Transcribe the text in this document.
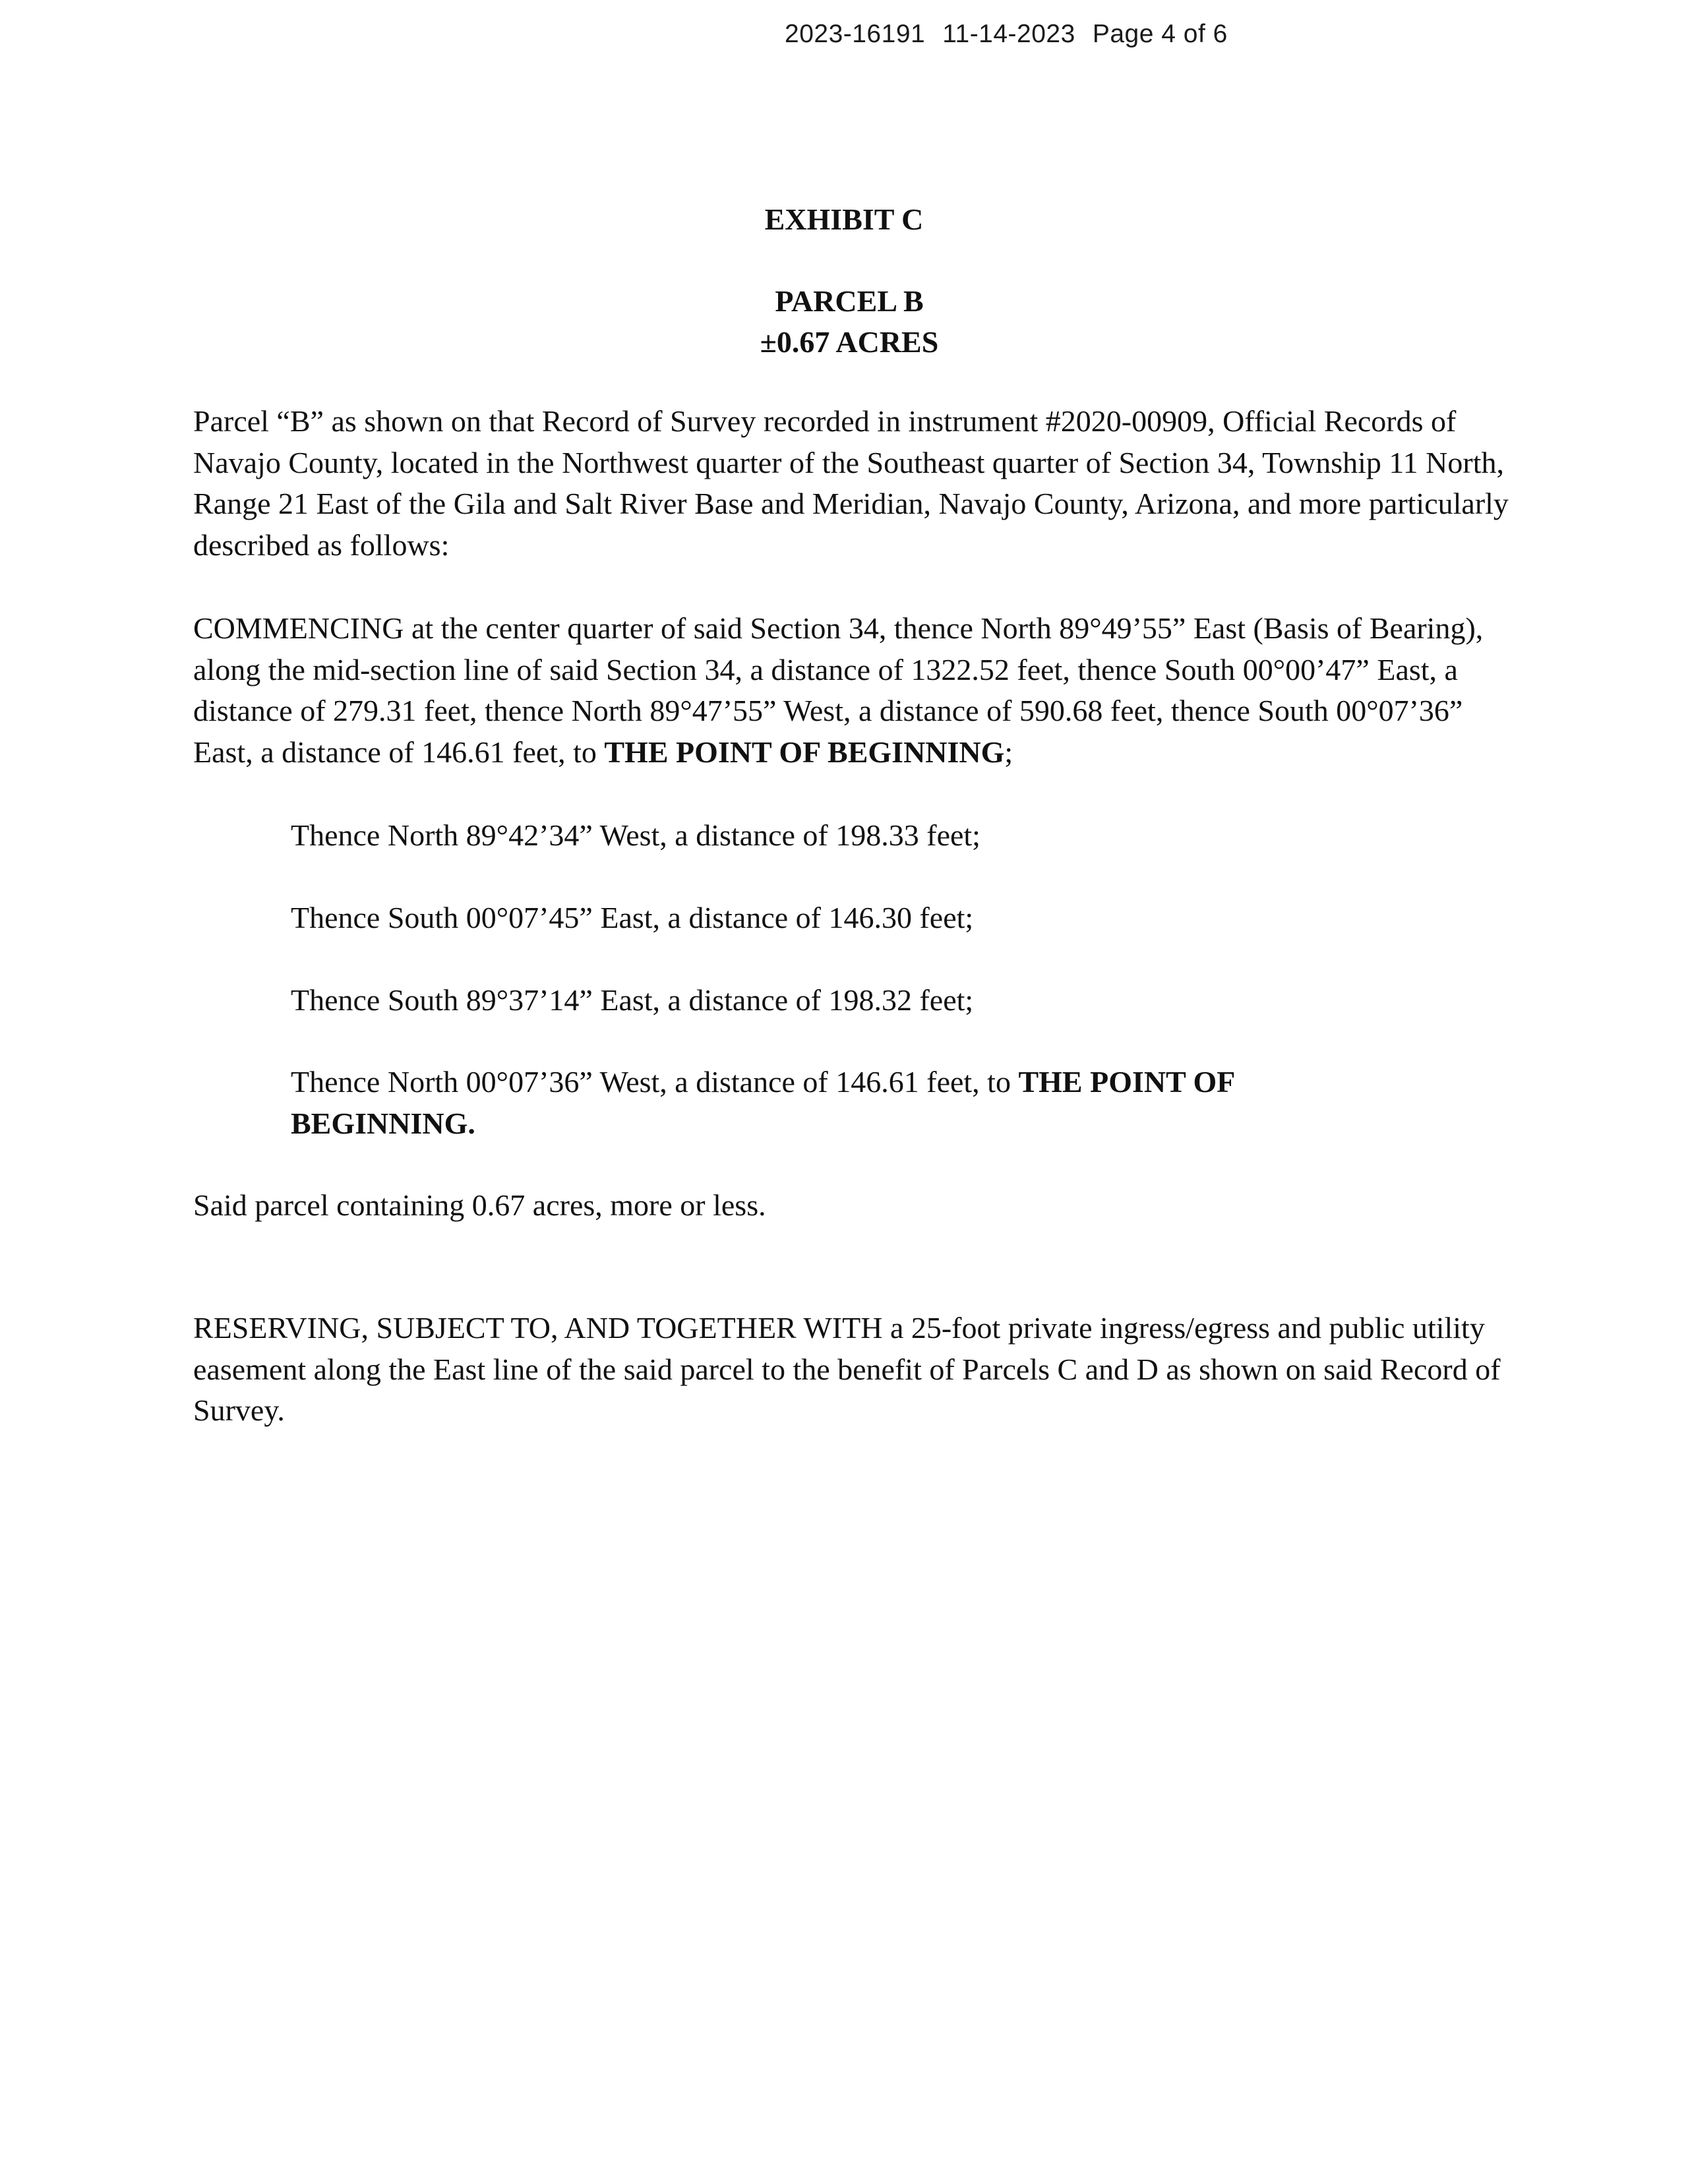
2023-16191 11-14-2023 Page 4 of 6
EXHIBIT C
PARCEL B
±0.67 ACRES
Parcel “B” as shown on that Record of Survey recorded in instrument #2020-00909, Official Records of Navajo County, located in the Northwest quarter of the Southeast quarter of Section 34, Township 11 North, Range 21 East of the Gila and Salt River Base and Meridian, Navajo County, Arizona, and more particularly described as follows:
COMMENCING at the center quarter of said Section 34, thence North 89°49’55” East (Basis of Bearing), along the mid-section line of said Section 34, a distance of 1322.52 feet, thence South 00°00’47” East, a distance of 279.31 feet, thence North 89°47’55” West, a distance of 590.68 feet, thence South 00°07’36” East, a distance of 146.61 feet, to THE POINT OF BEGINNING;
Thence North 89°42’34” West, a distance of 198.33 feet;
Thence South 00°07’45” East, a distance of 146.30 feet;
Thence South 89°37’14” East, a distance of 198.32 feet;
Thence North 00°07’36” West, a distance of 146.61 feet, to THE POINT OF BEGINNING.
Said parcel containing 0.67 acres, more or less.
RESERVING, SUBJECT TO, AND TOGETHER WITH a 25-foot private ingress/egress and public utility easement along the East line of the said parcel to the benefit of Parcels C and D as shown on said Record of Survey.
